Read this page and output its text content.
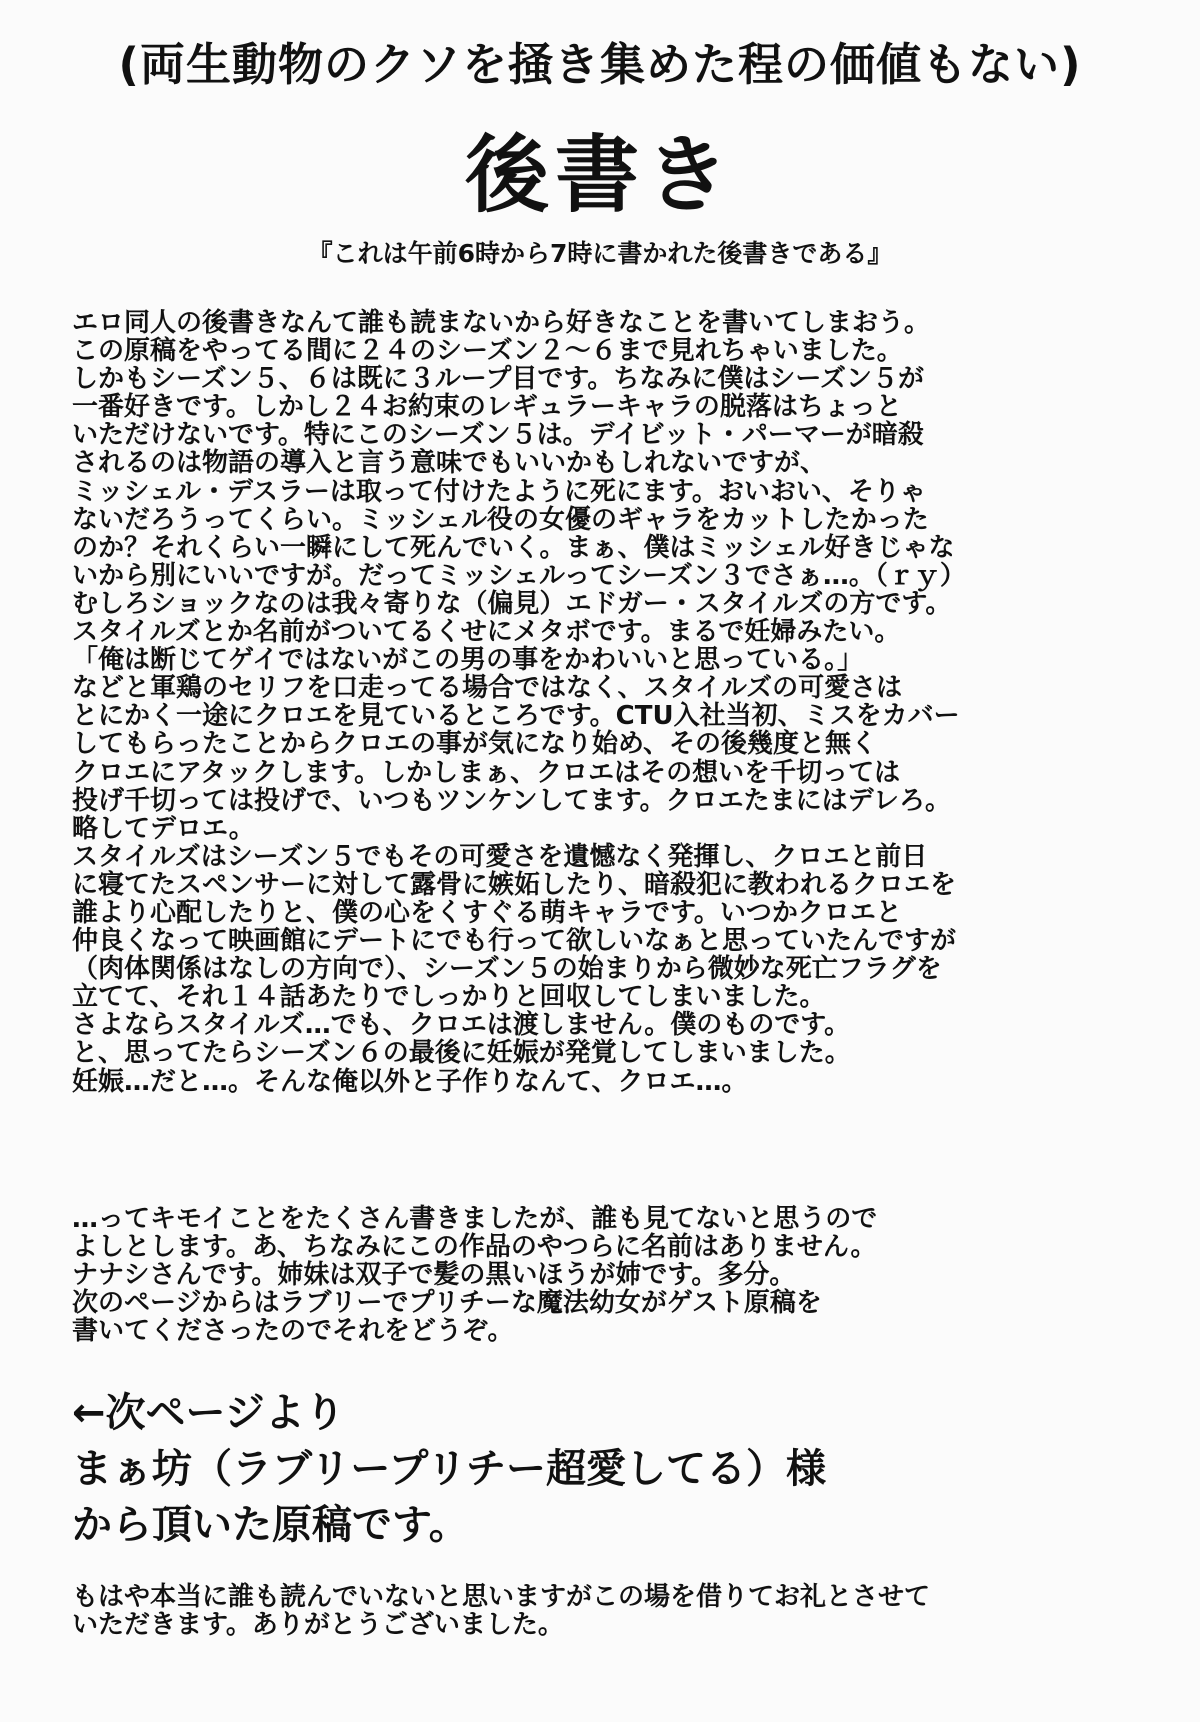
(両生動物のクソを掻き集めた程の価値もない)
後書き
『これは午前6時から7時に書かれた後書きである』
エロ同人の後書きなんて誰も読まないから好きなことを書いてしまおう。
この原稿をやってる間に２４のシーズン２～６まで見れちゃいました。
しかもシーズン５、６は既に３ループ目です。ちなみに僕はシーズン５が
一番好きです。しかし２４お約束のレギュラーキャラの脱落はちょっと
いただけないです。特にこのシーズン５は。デイビット・パーマーが暗殺
されるのは物語の導入と言う意味でもいいかもしれないですが、
ミッシェル・デスラーは取って付けたように死にます。おいおい、そりゃ
ないだろうってくらい。ミッシェル役の女優のギャラをカットしたかった
のか？それくらい一瞬にして死んでいく。まぁ、僕はミッシェル好きじゃな
いから別にいいですが。だってミッシェルってシーズン３でさぁ…。（ｒｙ）
むしろショックなのは我々寄りな（偏見）エドガー・スタイルズの方です。
スタイルズとか名前がついてるくせにメタボです。まるで妊婦みたい。
「俺は断じてゲイではないがこの男の事をかわいいと思っている。」
などと軍鶏のセリフを口走ってる場合ではなく、スタイルズの可愛さは
とにかく一途にクロエを見ているところです。CTU入社当初、ミスをカバー
してもらったことからクロエの事が気になり始め、その後幾度と無く
クロエにアタックします。しかしまぁ、クロエはその想いを千切っては
投げ千切っては投げで、いつもツンケンしてます。クロエたまにはデレろ。
略してデロエ。
スタイルズはシーズン５でもその可愛さを遺憾なく発揮し、クロエと前日
に寝てたスペンサーに対して露骨に嫉妬したり、暗殺犯に教われるクロエを
誰より心配したりと、僕の心をくすぐる萌キャラです。いつかクロエと
仲良くなって映画館にデートにでも行って欲しいなぁと思っていたんですが
（肉体関係はなしの方向で）、シーズン５の始まりから微妙な死亡フラグを
立てて、それ１４話あたりでしっかりと回収してしまいました。
さよならスタイルズ…でも、クロエは渡しません。僕のものです。
と、思ってたらシーズン６の最後に妊娠が発覚してしまいました。
妊娠…だと…。そんな俺以外と子作りなんて、クロエ…。
…ってキモイことをたくさん書きましたが、誰も見てないと思うので
よしとします。あ、ちなみにこの作品のやつらに名前はありません。
ナナシさんです。姉妹は双子で髪の黒いほうが姉です。多分。
次のページからはラブリーでプリチーな魔法幼女がゲスト原稿を
書いてくださったのでそれをどうぞ。
←次ページより
まぁ坊（ラブリープリチー超愛してる）様
から頂いた原稿です。
もはや本当に誰も読んでいないと思いますがこの場を借りてお礼とさせて
いただきます。ありがとうございました。
